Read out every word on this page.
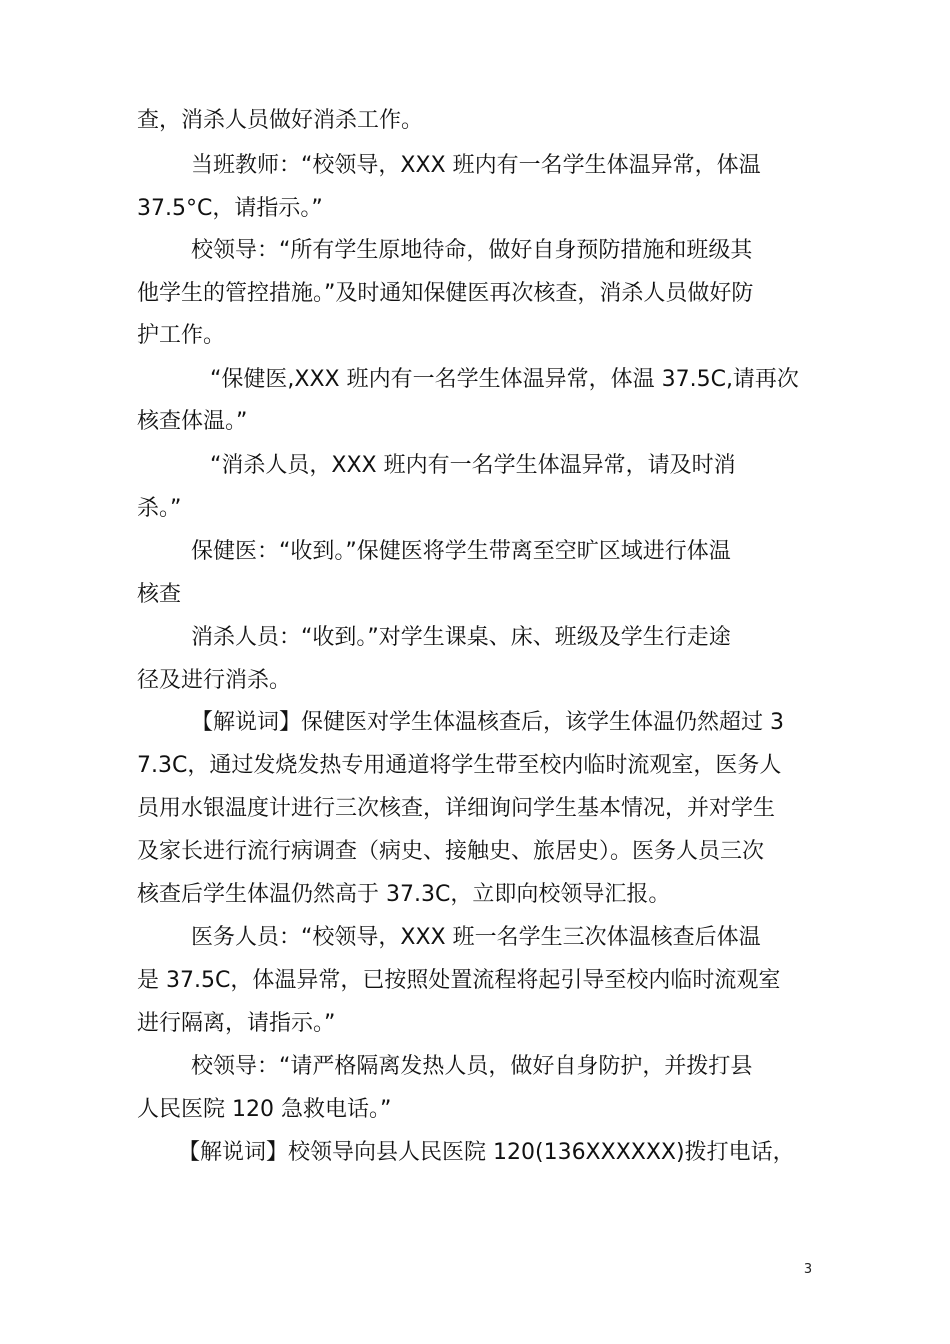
查，消杀人员做好消杀工作。
当班教师：“校领导，XXX 班内有一名学生体温异常，体温
37.5°C，请指示。”
校领导：“所有学生原地待命，做好自身预防措施和班级其
他学生的管控措施。”及时通知保健医再次核查，消杀人员做好防
护工作。
“保健医,XXX 班内有一名学生体温异常，体温 37.5C,请再次
核查体温。”
“消杀人员，XXX 班内有一名学生体温异常，请及时消
杀。”
保健医：“收到。”保健医将学生带离至空旷区域进行体温
核查
消杀人员：“收到。”对学生课桌、床、班级及学生行走途
径及进行消杀。
【解说词】保健医对学生体温核查后，该学生体温仍然超过 3
7.3C，通过发烧发热专用通道将学生带至校内临时流观室，医务人
员用水银温度计进行三次核查，详细询问学生基本情况，并对学生
及家长进行流行病调查（病史、接触史、旅居史）。医务人员三次
核查后学生体温仍然高于 37.3C，立即向校领导汇报。
医务人员：“校领导，XXX 班一名学生三次体温核查后体温
是 37.5C，体温异常，已按照处置流程将起引导至校内临时流观室
进行隔离，请指示。”
校领导：“请严格隔离发热人员，做好自身防护，并拨打县
人民医院 120 急救电话。”
【解说词】校领导向县人民医院 120(136XXXXXX)拨打电话，
3
